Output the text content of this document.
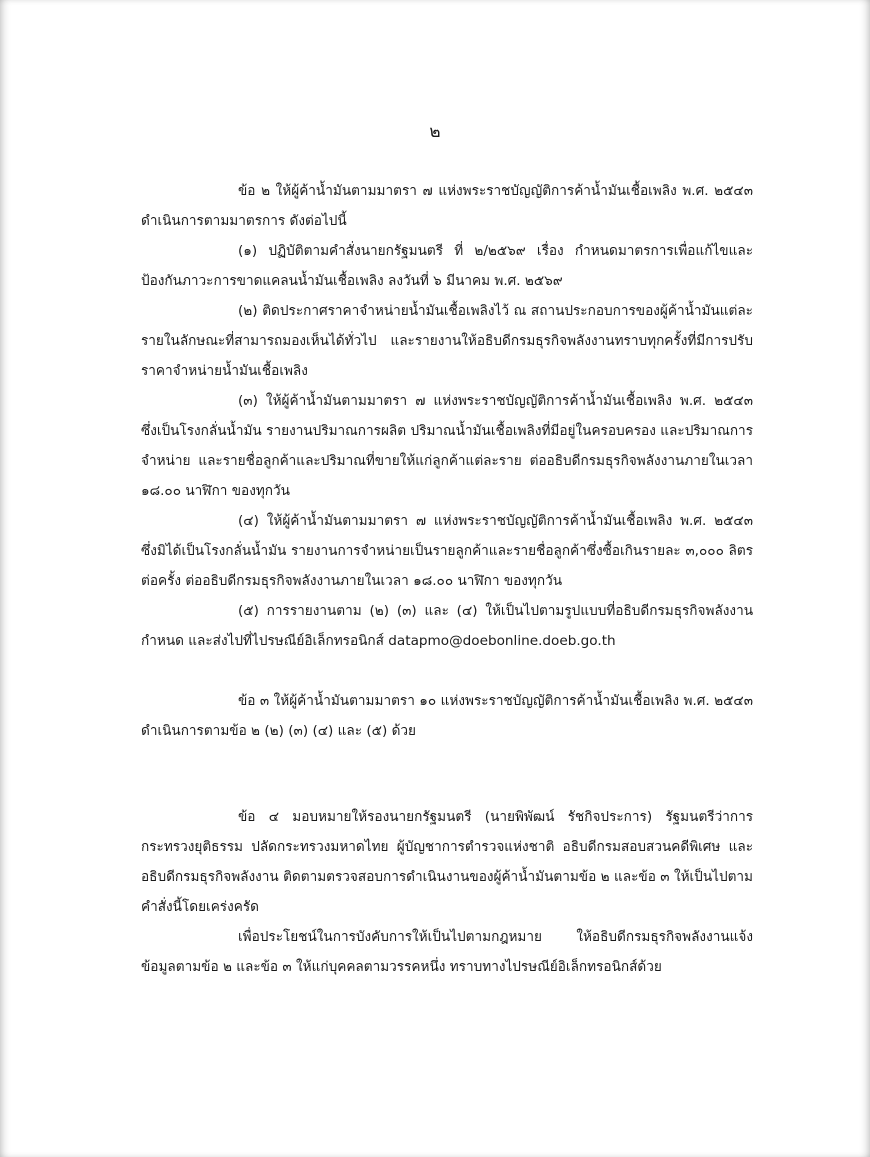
๒

ข้อ ๒ ให้ผู้ค้าน้ำมันตามมาตรา ๗ แห่งพระราชบัญญัติการค้าน้ำมันเชื้อเพลิง พ.ศ. ๒๕๔๓ ดำเนินการตามมาตรการ ดังต่อไปนี้

(๑) ปฏิบัติตามคำสั่งนายกรัฐมนตรี ที่ ๒/๒๕๖๙ เรื่อง กำหนดมาตรการเพื่อแก้ไขและป้องกันภาวะการขาดแคลนน้ำมันเชื้อเพลิง ลงวันที่ ๖ มีนาคม พ.ศ. ๒๕๖๙

(๒) ติดประกาศราคาจำหน่ายน้ำมันเชื้อเพลิงไว้ ณ สถานประกอบการของผู้ค้าน้ำมันแต่ละรายในลักษณะที่สามารถมองเห็นได้ทั่วไป และรายงานให้อธิบดีกรมธุรกิจพลังงานทราบทุกครั้งที่มีการปรับราคาจำหน่ายน้ำมันเชื้อเพลิง

(๓) ให้ผู้ค้าน้ำมันตามมาตรา ๗ แห่งพระราชบัญญัติการค้าน้ำมันเชื้อเพลิง พ.ศ. ๒๕๔๓ ซึ่งเป็นโรงกลั่นน้ำมัน รายงานปริมาณการผลิต ปริมาณน้ำมันเชื้อเพลิงที่มีอยู่ในครอบครอง และปริมาณการจำหน่าย และรายชื่อลูกค้าและปริมาณที่ขายให้แก่ลูกค้าแต่ละราย ต่ออธิบดีกรมธุรกิจพลังงานภายในเวลา ๑๘.๐๐ นาฬิกา ของทุกวัน

(๔) ให้ผู้ค้าน้ำมันตามมาตรา ๗ แห่งพระราชบัญญัติการค้าน้ำมันเชื้อเพลิง พ.ศ. ๒๕๔๓ ซึ่งมิได้เป็นโรงกลั่นน้ำมัน รายงานการจำหน่ายเป็นรายลูกค้าและรายชื่อลูกค้าซึ่งซื้อเกินรายละ ๓,๐๐๐ ลิตรต่อครั้ง ต่ออธิบดีกรมธุรกิจพลังงานภายในเวลา ๑๘.๐๐ นาฬิกา ของทุกวัน

(๕) การรายงานตาม (๒) (๓) และ (๔) ให้เป็นไปตามรูปแบบที่อธิบดีกรมธุรกิจพลังงานกำหนด และส่งไปที่ไปรษณีย์อิเล็กทรอนิกส์ datapmo@doebonline.doeb.go.th

ข้อ ๓ ให้ผู้ค้าน้ำมันตามมาตรา ๑๐ แห่งพระราชบัญญัติการค้าน้ำมันเชื้อเพลิง พ.ศ. ๒๕๔๓ ดำเนินการตามข้อ ๒ (๒) (๓) (๔) และ (๕) ด้วย

ข้อ ๔ มอบหมายให้รองนายกรัฐมนตรี (นายพิพัฒน์ รัชกิจประการ) รัฐมนตรีว่าการกระทรวงยุติธรรม ปลัดกระทรวงมหาดไทย ผู้บัญชาการตำรวจแห่งชาติ อธิบดีกรมสอบสวนคดีพิเศษ และอธิบดีกรมธุรกิจพลังงาน ติดตามตรวจสอบการดำเนินงานของผู้ค้าน้ำมันตามข้อ ๒ และข้อ ๓ ให้เป็นไปตามคำสั่งนี้โดยเคร่งครัด

เพื่อประโยชน์ในการบังคับการให้เป็นไปตามกฎหมาย ให้อธิบดีกรมธุรกิจพลังงานแจ้งข้อมูลตามข้อ ๒ และข้อ ๓ ให้แก่บุคคลตามวรรคหนึ่ง ทราบทางไปรษณีย์อิเล็กทรอนิกส์ด้วย
